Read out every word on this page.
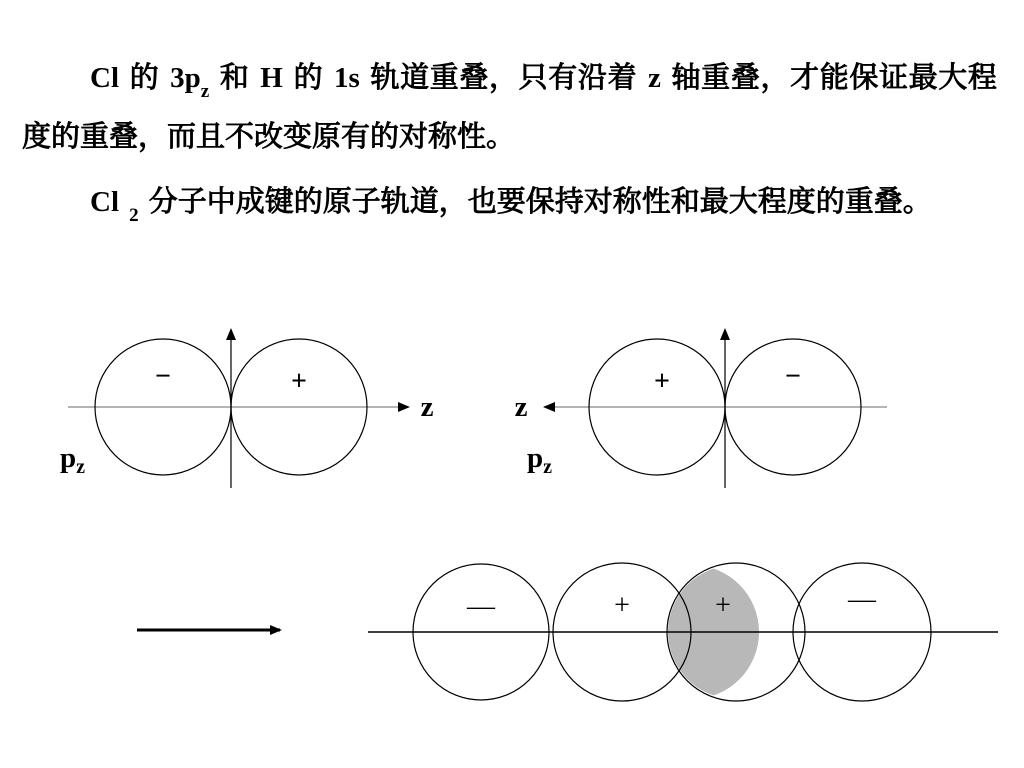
Cl 的 $3p_z$ 和 H 的 1s 轨道重叠，只有沿着 z 轴重叠，才能保证最大程度的重叠，而且不改变原有的对称性。

Cl $_2$ 分子中成键的原子轨道，也要保持对称性和最大程度的重叠。

−	+
z
$p_z$
+	−
z
$p_z$
—	+	+	—
